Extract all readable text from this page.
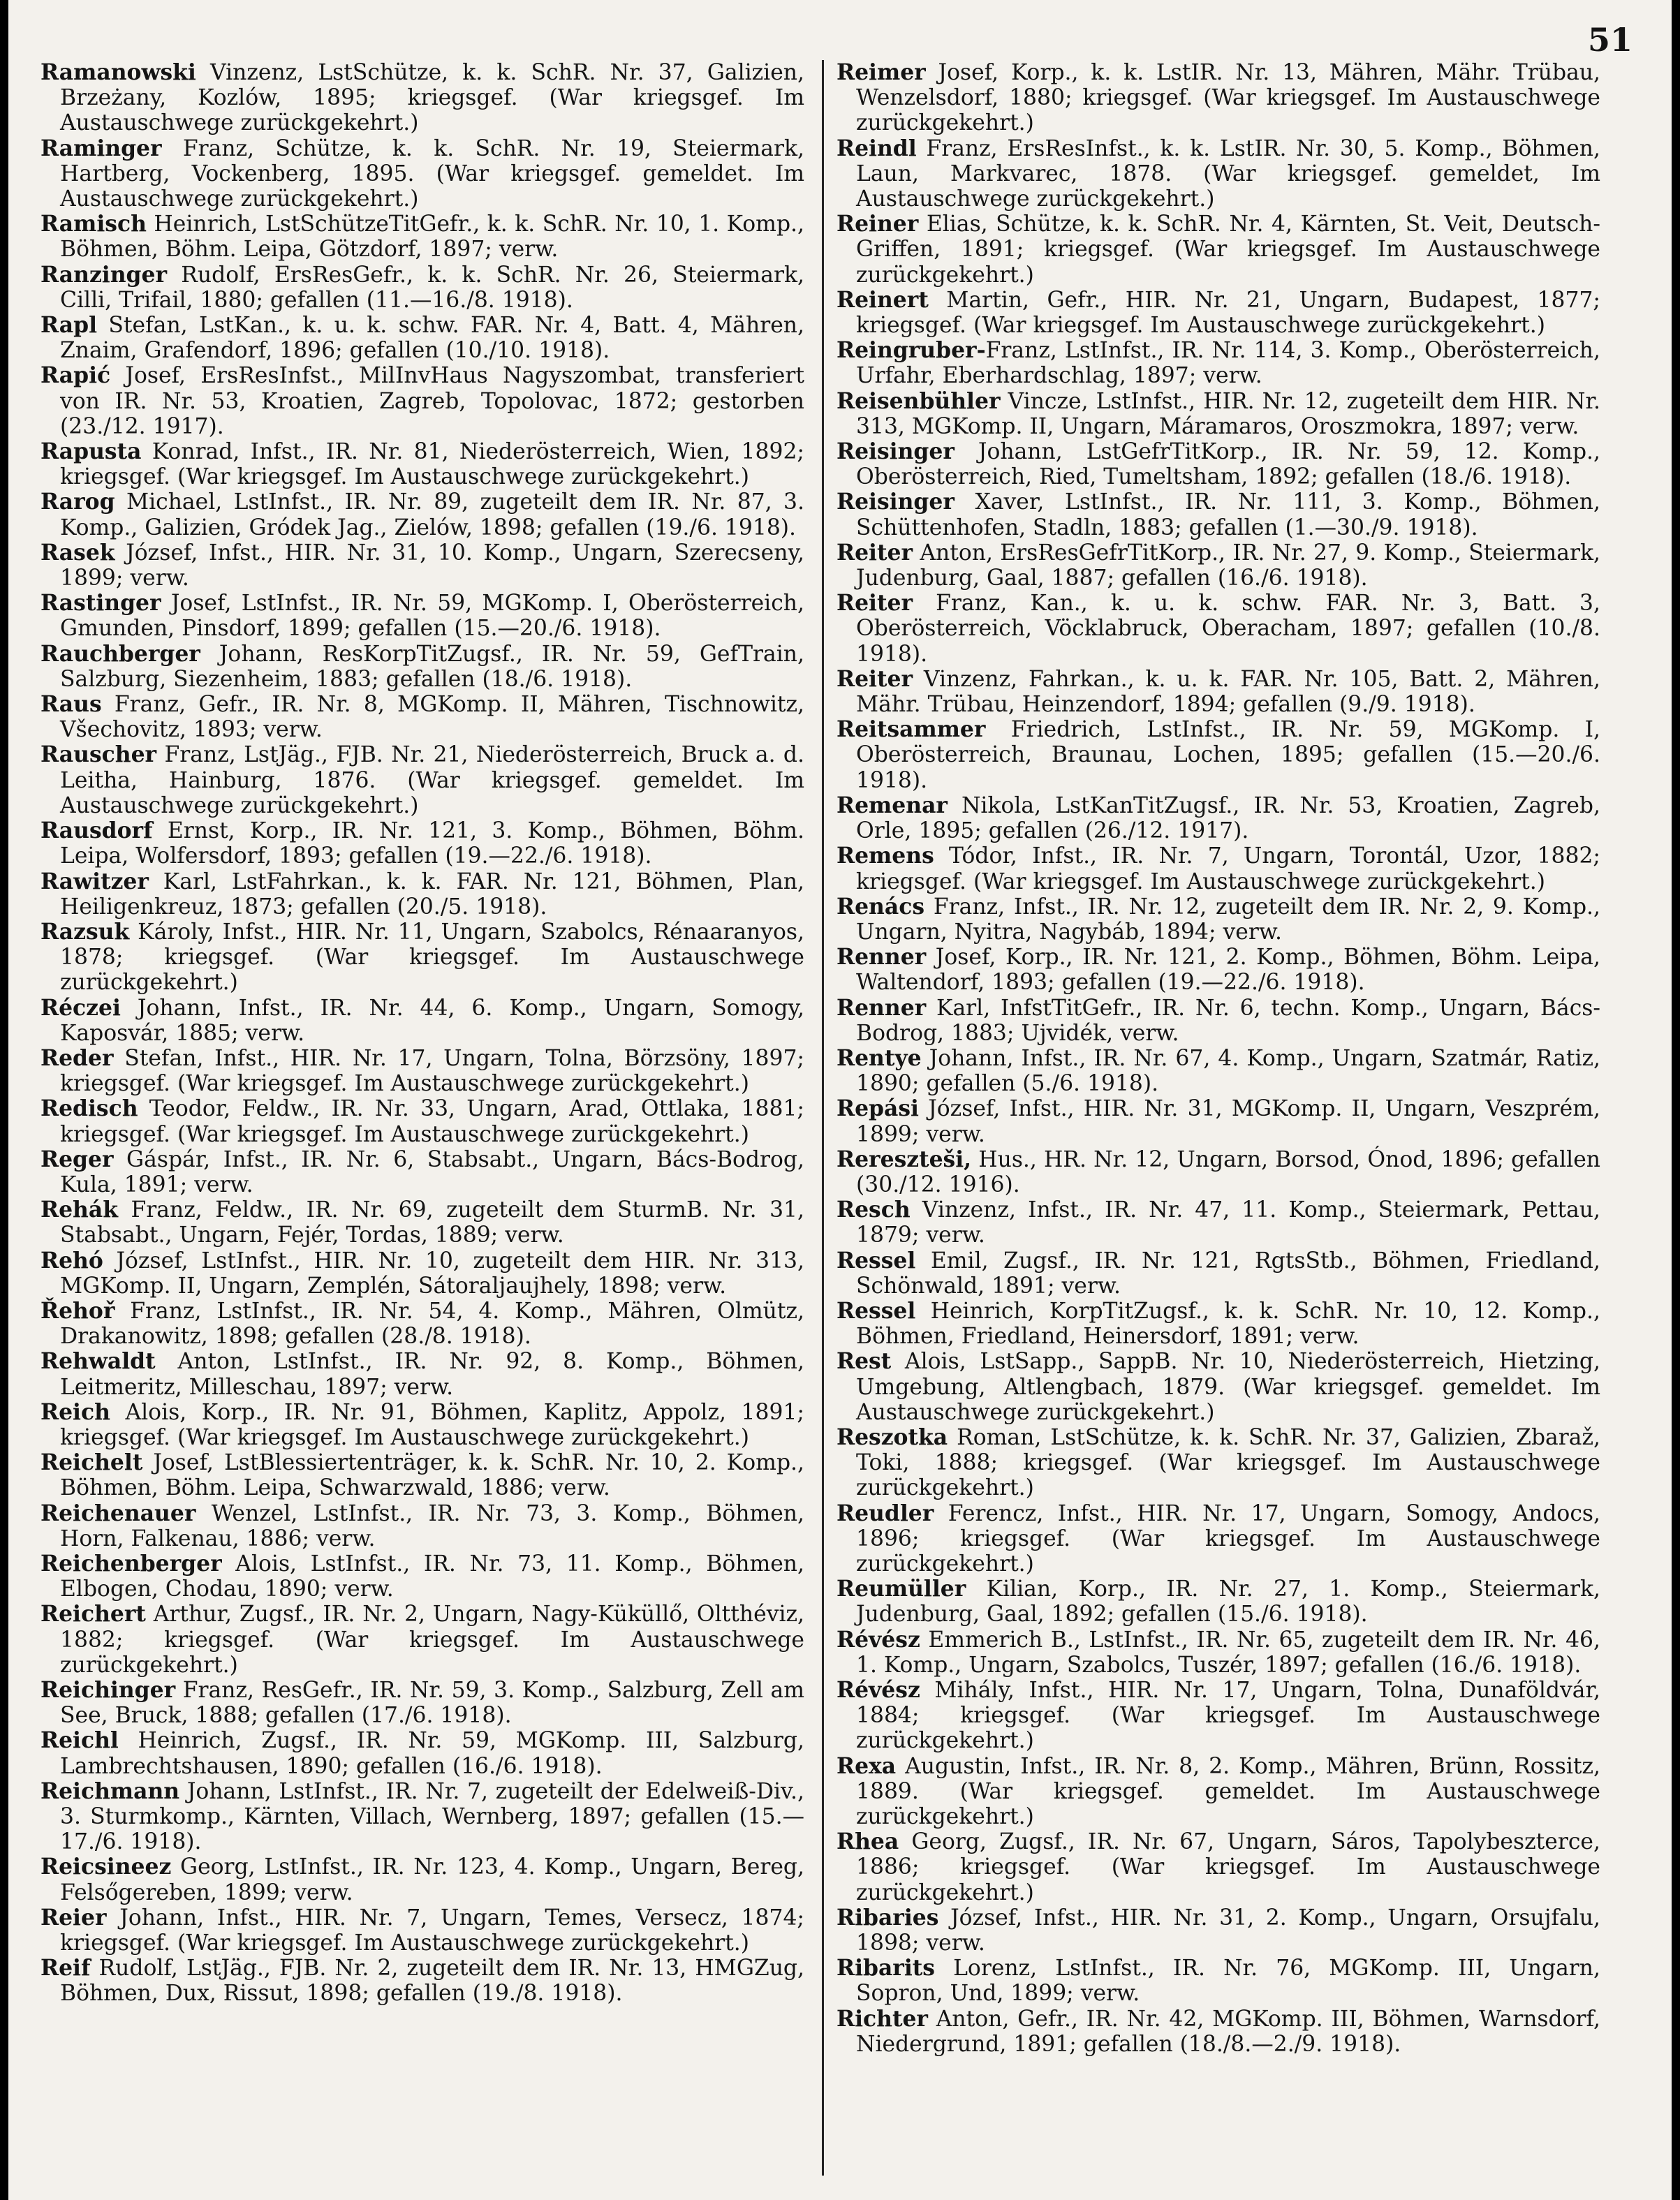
51

Ramanowski Vinzenz, LstSchütze, k. k. SchR. Nr. 37, Galizien, Brzeżany, Kozlów, 1895; kriegsgef. (War kriegsgef. Im Austauschwege zurückgekehrt.)

Raminger Franz, Schütze, k. k. SchR. Nr. 19, Steiermark, Hartberg, Vockenberg, 1895. (War kriegsgef. gemeldet. Im Austauschwege zurückgekehrt.)

Ramisch Heinrich, LstSchützeTitGefr., k. k. SchR. Nr. 10, 1. Komp., Böhmen, Böhm. Leipa, Götzdorf, 1897; verw.

Ranzinger Rudolf, ErsResGefr., k. k. SchR. Nr. 26, Steiermark, Cilli, Trifail, 1880; gefallen (11.—16./8. 1918).

Rapl Stefan, LstKan., k. u. k. schw. FAR. Nr. 4, Batt. 4, Mähren, Znaim, Grafendorf, 1896; gefallen (10./10. 1918).

Rapić Josef, ErsResInfst., MilInvHaus Nagyszombat, transferiert von IR. Nr. 53, Kroatien, Zagreb, Topolovac, 1872; gestorben (23./12. 1917).

Rapusta Konrad, Infst., IR. Nr. 81, Niederösterreich, Wien, 1892; kriegsgef. (War kriegsgef. Im Austauschwege zurückgekehrt.)

Rarog Michael, LstInfst., IR. Nr. 89, zugeteilt dem IR. Nr. 87, 3. Komp., Galizien, Gródek Jag., Zielów, 1898; gefallen (19./6. 1918).

Rasek József, Infst., HIR. Nr. 31, 10. Komp., Ungarn, Szerecseny, 1899; verw.

Rastinger Josef, LstInfst., IR. Nr. 59, MGKomp. I, Oberösterreich, Gmunden, Pinsdorf, 1899; gefallen (15.—20./6. 1918).

Rauchberger Johann, ResKorpTitZugsf., IR. Nr. 59, GefTrain, Salzburg, Siezenheim, 1883; gefallen (18./6. 1918).

Raus Franz, Gefr., IR. Nr. 8, MGKomp. II, Mähren, Tischnowitz, Všechovitz, 1893; verw.

Rauscher Franz, LstJäg., FJB. Nr. 21, Niederösterreich, Bruck a. d. Leitha, Hainburg, 1876. (War kriegsgef. gemeldet. Im Austauschwege zurückgekehrt.)

Rausdorf Ernst, Korp., IR. Nr. 121, 3. Komp., Böhmen, Böhm. Leipa, Wolfersdorf, 1893; gefallen (19.—22./6. 1918).

Rawitzer Karl, LstFahrkan., k. k. FAR. Nr. 121, Böhmen, Plan, Heiligenkreuz, 1873; gefallen (20./5. 1918).

Razsuk Károly, Infst., HIR. Nr. 11, Ungarn, Szabolcs, Rénaaranyos, 1878; kriegsgef. (War kriegsgef. Im Austauschwege zurückgekehrt.)

Réczei Johann, Infst., IR. Nr. 44, 6. Komp., Ungarn, Somogy, Kaposvár, 1885; verw.

Reder Stefan, Infst., HIR. Nr. 17, Ungarn, Tolna, Börzsöny, 1897; kriegsgef. (War kriegsgef. Im Austauschwege zurückgekehrt.)

Redisch Teodor, Feldw., IR. Nr. 33, Ungarn, Arad, Ottlaka, 1881; kriegsgef. (War kriegsgef. Im Austauschwege zurückgekehrt.)

Reger Gáspár, Infst., IR. Nr. 6, Stabsabt., Ungarn, Bács-Bodrog, Kula, 1891; verw.

Rehák Franz, Feldw., IR. Nr. 69, zugeteilt dem SturmB. Nr. 31, Stabsabt., Ungarn, Fejér, Tordas, 1889; verw.

Rehó József, LstInfst., HIR. Nr. 10, zugeteilt dem HIR. Nr. 313, MGKomp. II, Ungarn, Zemplén, Sátoraljaujhely, 1898; verw.

Řehoř Franz, LstInfst., IR. Nr. 54, 4. Komp., Mähren, Olmütz, Drakanowitz, 1898; gefallen (28./8. 1918).

Rehwaldt Anton, LstInfst., IR. Nr. 92, 8. Komp., Böhmen, Leitmeritz, Milleschau, 1897; verw.

Reich Alois, Korp., IR. Nr. 91, Böhmen, Kaplitz, Appolz, 1891; kriegsgef. (War kriegsgef. Im Austauschwege zurückgekehrt.)

Reichelt Josef, LstBlessiertenträger, k. k. SchR. Nr. 10, 2. Komp., Böhmen, Böhm. Leipa, Schwarzwald, 1886; verw.

Reichenauer Wenzel, LstInfst., IR. Nr. 73, 3. Komp., Böhmen, Horn, Falkenau, 1886; verw.

Reichenberger Alois, LstInfst., IR. Nr. 73, 11. Komp., Böhmen, Elbogen, Chodau, 1890; verw.

Reichert Arthur, Zugsf., IR. Nr. 2, Ungarn, Nagy-Küküllő, Oltthéviz, 1882; kriegsgef. (War kriegsgef. Im Austauschwege zurückgekehrt.)

Reichinger Franz, ResGefr., IR. Nr. 59, 3. Komp., Salzburg, Zell am See, Bruck, 1888; gefallen (17./6. 1918).

Reichl Heinrich, Zugsf., IR. Nr. 59, MGKomp. III, Salzburg, Lambrechtshausen, 1890; gefallen (16./6. 1918).

Reichmann Johann, LstInfst., IR. Nr. 7, zugeteilt der Edelweiß-Div., 3. Sturmkomp., Kärnten, Villach, Wernberg, 1897; gefallen (15.—17./6. 1918).

Reicsineez Georg, LstInfst., IR. Nr. 123, 4. Komp., Ungarn, Bereg, Felsőgereben, 1899; verw.

Reier Johann, Infst., HIR. Nr. 7, Ungarn, Temes, Versecz, 1874; kriegsgef. (War kriegsgef. Im Austauschwege zurückgekehrt.)

Reif Rudolf, LstJäg., FJB. Nr. 2, zugeteilt dem IR. Nr. 13, HMGZug, Böhmen, Dux, Rissut, 1898; gefallen (19./8. 1918).

Reimer Josef, Korp., k. k. LstIR. Nr. 13, Mähren, Mähr. Trübau, Wenzelsdorf, 1880; kriegsgef. (War kriegsgef. Im Austauschwege zurückgekehrt.)

Reindl Franz, ErsResInfst., k. k. LstIR. Nr. 30, 5. Komp., Böhmen, Laun, Markvarec, 1878. (War kriegsgef. gemeldet, Im Austauschwege zurückgekehrt.)

Reiner Elias, Schütze, k. k. SchR. Nr. 4, Kärnten, St. Veit, Deutsch-Griffen, 1891; kriegsgef. (War kriegsgef. Im Austauschwege zurückgekehrt.)

Reinert Martin, Gefr., HIR. Nr. 21, Ungarn, Budapest, 1877; kriegsgef. (War kriegsgef. Im Austauschwege zurückgekehrt.)

Reingruber-Franz, LstInfst., IR. Nr. 114, 3. Komp., Oberösterreich, Urfahr, Eberhardschlag, 1897; verw.

Reisenbühler Vincze, LstInfst., HIR. Nr. 12, zugeteilt dem HIR. Nr. 313, MGKomp. II, Ungarn, Máramaros, Oroszmokra, 1897; verw.

Reisinger Johann, LstGefrTitKorp., IR. Nr. 59, 12. Komp., Oberösterreich, Ried, Tumeltsham, 1892; gefallen (18./6. 1918).

Reisinger Xaver, LstInfst., IR. Nr. 111, 3. Komp., Böhmen, Schüttenhofen, Stadln, 1883; gefallen (1.—30./9. 1918).

Reiter Anton, ErsResGefrTitKorp., IR. Nr. 27, 9. Komp., Steiermark, Judenburg, Gaal, 1887; gefallen (16./6. 1918).

Reiter Franz, Kan., k. u. k. schw. FAR. Nr. 3, Batt. 3, Oberösterreich, Vöcklabruck, Oberacham, 1897; gefallen (10./8. 1918).

Reiter Vinzenz, Fahrkan., k. u. k. FAR. Nr. 105, Batt. 2, Mähren, Mähr. Trübau, Heinzendorf, 1894; gefallen (9./9. 1918).

Reitsammer Friedrich, LstInfst., IR. Nr. 59, MGKomp. I, Oberösterreich, Braunau, Lochen, 1895; gefallen (15.—20./6. 1918).

Remenar Nikola, LstKanTitZugsf., IR. Nr. 53, Kroatien, Zagreb, Orle, 1895; gefallen (26./12. 1917).

Remens Tódor, Infst., IR. Nr. 7, Ungarn, Torontál, Uzor, 1882; kriegsgef. (War kriegsgef. Im Austauschwege zurückgekehrt.)

Renács Franz, Infst., IR. Nr. 12, zugeteilt dem IR. Nr. 2, 9. Komp., Ungarn, Nyitra, Nagybáb, 1894; verw.

Renner Josef, Korp., IR. Nr. 121, 2. Komp., Böhmen, Böhm. Leipa, Waltendorf, 1893; gefallen (19.—22./6. 1918).

Renner Karl, InfstTitGefr., IR. Nr. 6, techn. Komp., Ungarn, Bács-Bodrog, 1883; Ujvidék, verw.

Rentye Johann, Infst., IR. Nr. 67, 4. Komp., Ungarn, Szatmár, Ratiz, 1890; gefallen (5./6. 1918).

Repási József, Infst., HIR. Nr. 31, MGKomp. II, Ungarn, Veszprém, 1899; verw.

Rereszteši, Hus., HR. Nr. 12, Ungarn, Borsod, Ónod, 1896; gefallen (30./12. 1916).

Resch Vinzenz, Infst., IR. Nr. 47, 11. Komp., Steiermark, Pettau, 1879; verw.

Ressel Emil, Zugsf., IR. Nr. 121, RgtsStb., Böhmen, Friedland, Schönwald, 1891; verw.

Ressel Heinrich, KorpTitZugsf., k. k. SchR. Nr. 10, 12. Komp., Böhmen, Friedland, Heinersdorf, 1891; verw.

Rest Alois, LstSapp., SappB. Nr. 10, Niederösterreich, Hietzing, Umgebung, Altlengbach, 1879. (War kriegsgef. gemeldet. Im Austauschwege zurückgekehrt.)

Reszotka Roman, LstSchütze, k. k. SchR. Nr. 37, Galizien, Zbaraž, Toki, 1888; kriegsgef. (War kriegsgef. Im Austauschwege zurückgekehrt.)

Reudler Ferencz, Infst., HIR. Nr. 17, Ungarn, Somogy, Andocs, 1896; kriegsgef. (War kriegsgef. Im Austauschwege zurückgekehrt.)

Reumüller Kilian, Korp., IR. Nr. 27, 1. Komp., Steiermark, Judenburg, Gaal, 1892; gefallen (15./6. 1918).

Révész Emmerich B., LstInfst., IR. Nr. 65, zugeteilt dem IR. Nr. 46, 1. Komp., Ungarn, Szabolcs, Tuszér, 1897; gefallen (16./6. 1918).

Révész Mihály, Infst., HIR. Nr. 17, Ungarn, Tolna, Dunaföldvár, 1884; kriegsgef. (War kriegsgef. Im Austauschwege zurückgekehrt.)

Rexa Augustin, Infst., IR. Nr. 8, 2. Komp., Mähren, Brünn, Rossitz, 1889. (War kriegsgef. gemeldet. Im Austauschwege zurückgekehrt.)

Rhea Georg, Zugsf., IR. Nr. 67, Ungarn, Sáros, Tapolybeszterce, 1886; kriegsgef. (War kriegsgef. Im Austauschwege zurückgekehrt.)

Ribaries József, Infst., HIR. Nr. 31, 2. Komp., Ungarn, Orsujfalu, 1898; verw.

Ribarits Lorenz, LstInfst., IR. Nr. 76, MGKomp. III, Ungarn, Sopron, Und, 1899; verw.

Richter Anton, Gefr., IR. Nr. 42, MGKomp. III, Böhmen, Warnsdorf, Niedergrund, 1891; gefallen (18./8.—2./9. 1918).
